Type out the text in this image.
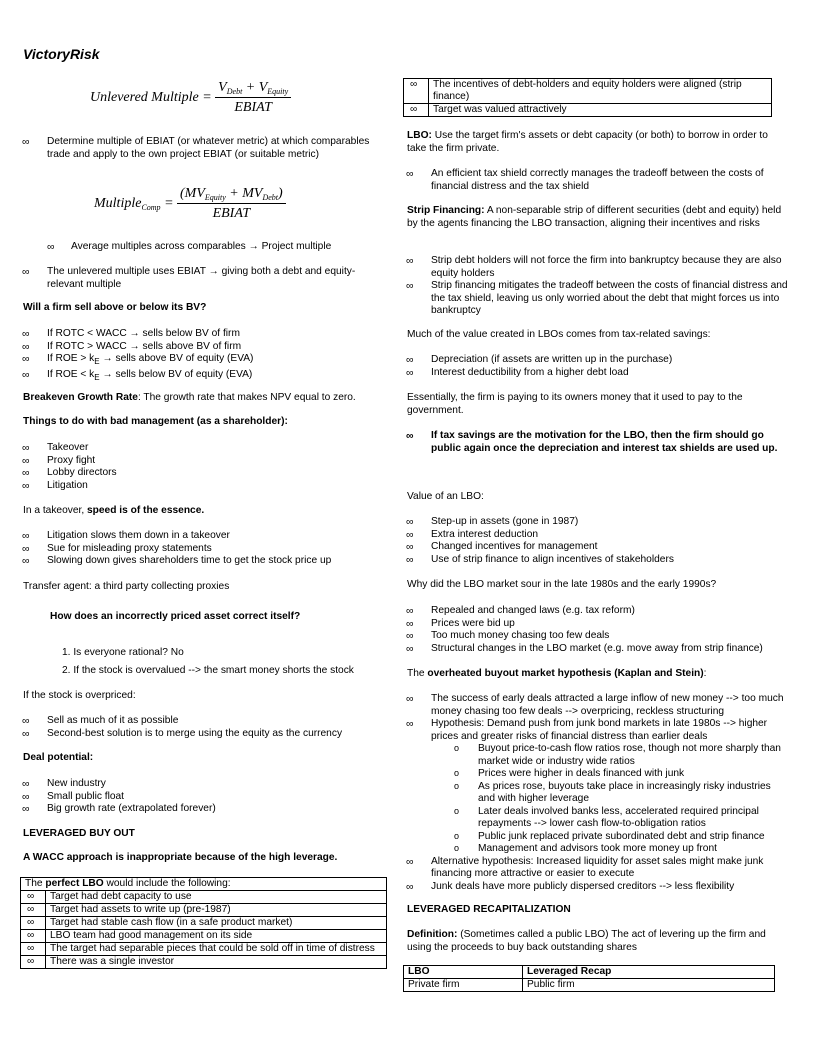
VictoryRisk
Unlevered Multiple = $\frac{V_{Debt} + V_{Equity}}{\text{EBIAT}}$
∞ Determine multiple of EBIAT (or whatever metric) at which comparables trade and apply to the own project EBIAT (or suitable metric)
Multiple$_{Comp}$ = $\frac{(MV_{Equity} + MV_{Debt})}{\text{EBIAT}}$
∞ Average multiples across comparables → Project multiple
∞ The unlevered multiple uses EBIAT → giving both a debt and equity-relevant multiple

Will a firm sell above or below its BV?

∞ If ROTC < WACC → sells below BV of firm
∞ If ROTC > WACC → sells above BV of firm
∞ If ROE > $k_E$ → sells above BV of equity (EVA)
∞ If ROE < $k_E$ → sells below BV of equity (EVA)

Breakeven Growth Rate: The growth rate that makes NPV equal to zero.

Things to do with bad management (as a shareholder):

∞ Takeover
∞ Proxy fight
∞ Lobby directors
∞ Litigation

In a takeover, speed is of the essence.

∞ Litigation slows them down in a takeover
∞ Sue for misleading proxy statements
∞ Slowing down gives shareholders time to get the stock price up

Transfer agent: a third party collecting proxies

How does an incorrectly priced asset correct itself?

1. Is everyone rational? No

2. If the stock is overvalued --> the smart money shorts the stock

If the stock is overpriced:

∞ Sell as much of it as possible
∞ Second-best solution is to merge using the equity as the currency

Deal potential:

∞ New industry
∞ Small public float
∞ Big growth rate (extrapolated forever)

LEVERAGED BUY OUT

A WACC approach is inappropriate because of the high leverage.

The perfect LBO would include the following:	
∞	Target had debt capacity to use
∞	Target had assets to write up (pre-1987)
∞	Target had stable cash flow (in a safe product market)
∞	LBO team had good management on its side
∞	The target had separable pieces that could be sold off in time of distress
∞	There was a single investor
∞	The incentives of debt-holders and equity holders were aligned (strip finance)
∞	Target was valued attractively

LBO: Use the target firm's assets or debt capacity (or both) to borrow in order to take the firm private.

∞ An efficient tax shield correctly manages the tradeoff between the costs of financial distress and the tax shield

Strip Financing: A non-separable strip of different securities (debt and equity) held by the agents financing the LBO transaction, aligning their incentives and risks

∞ Strip debt holders will not force the firm into bankruptcy because they are also equity holders
∞ Strip financing mitigates the tradeoff between the costs of financial distress and the tax shield, leaving us only worried about the debt that might forces us into bankruptcy

Much of the value created in LBOs comes from tax-related savings:

∞ Depreciation (if assets are written up in the purchase)
∞ Interest deductibility from a higher debt load

Essentially, the firm is paying to its owners money that it used to pay to the government.

∞ If tax savings are the motivation for the LBO, then the firm should go public again once the depreciation and interest tax shields are used up.

Value of an LBO:

∞ Step-up in assets (gone in 1987)
∞ Extra interest deduction
∞ Changed incentives for management
∞ Use of strip finance to align incentives of stakeholders

Why did the LBO market sour in the late 1980s and the early 1990s?

∞ Repealed and changed laws (e.g. tax reform)
∞ Prices were bid up
∞ Too much money chasing too few deals
∞ Structural changes in the LBO market (e.g. move away from strip finance)

The overheated buyout market hypothesis (Kaplan and Stein):

∞ The success of early deals attracted a large inflow of new money --> too much money chasing too few deals --> overpricing, reckless structuring
∞ Hypothesis: Demand push from junk bond markets in late 1980s --> higher prices and greater risks of financial distress than earlier deals
o Buyout price-to-cash flow ratios rose, though not more sharply than market wide or industry wide ratios
o Prices were higher in deals financed with junk
o As prices rose, buyouts take place in increasingly risky industries and with higher leverage
o Later deals involved banks less, accelerated required principal repayments --> lower cash flow-to-obligation ratios
o Public junk replaced private subordinated debt and strip finance
o Management and advisors took more money up front
∞ Alternative hypothesis: Increased liquidity for asset sales might make junk financing more attractive or easier to execute
∞ Junk deals have more publicly dispersed creditors --> less flexibility

LEVERAGED RECAPITALIZATION

Definition: (Sometimes called a public LBO) The act of levering up the firm and using the proceeds to buy back outstanding shares

LBO	Leveraged Recap
Private firm	Public firm
